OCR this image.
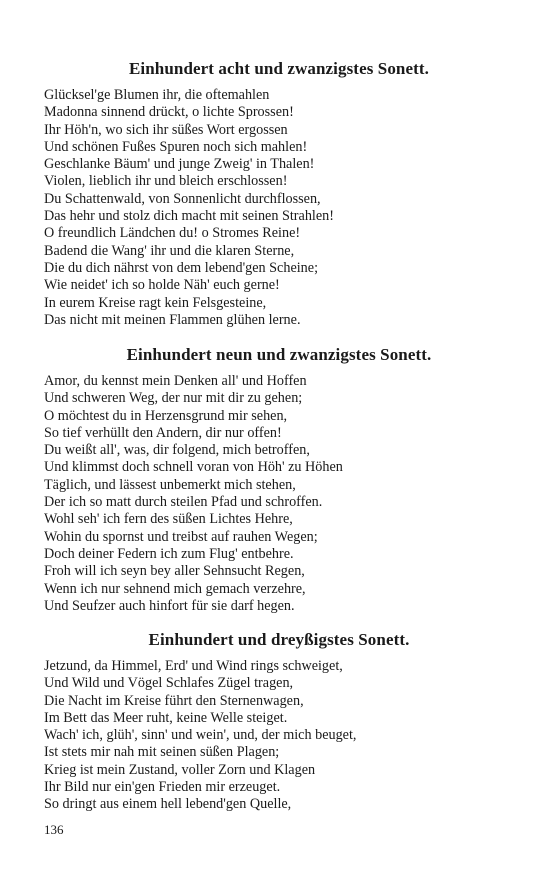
Einhundert acht und zwanzigstes Sonett.
Glücksel'ge Blumen ihr, die oftemahlen
Madonna sinnend drückt, o lichte Sprossen!
Ihr Höh'n, wo sich ihr süßes Wort ergossen
Und schönen Fußes Spuren noch sich mahlen!
Geschlanke Bäum' und junge Zweig' in Thalen!
Violen, lieblich ihr und bleich erschlossen!
Du Schattenwald, von Sonnenlicht durchflossen,
Das hehr und stolz dich macht mit seinen Strahlen!
O freundlich Ländchen du! o Stromes Reine!
Badend die Wang' ihr und die klaren Sterne,
Die du dich nährst von dem lebend'gen Scheine;
Wie neidet' ich so holde Näh' euch gerne!
In eurem Kreise ragt kein Felsgesteine,
Das nicht mit meinen Flammen glühen lerne.
Einhundert neun und zwanzigstes Sonett.
Amor, du kennst mein Denken all' und Hoffen
Und schweren Weg, der nur mit dir zu gehen;
O möchtest du in Herzensgrund mir sehen,
So tief verhüllt den Andern, dir nur offen!
Du weißt all', was, dir folgend, mich betroffen,
Und klimmst doch schnell voran von Höh' zu Höhen
Täglich, und lässest unbemerkt mich stehen,
Der ich so matt durch steilen Pfad und schroffen.
Wohl seh' ich fern des süßen Lichtes Hehre,
Wohin du spornst und treibst auf rauhen Wegen;
Doch deiner Federn ich zum Flug' entbehre.
Froh will ich seyn bey aller Sehnsucht Regen,
Wenn ich nur sehnend mich gemach verzehre,
Und Seufzer auch hinfort für sie darf hegen.
Einhundert und dreyßigstes Sonett.
Jetzund, da Himmel, Erd' und Wind rings schweiget,
Und Wild und Vögel Schlafes Zügel tragen,
Die Nacht im Kreise führt den Sternenwagen,
Im Bett das Meer ruht, keine Welle steiget.
Wach' ich, glüh', sinn' und wein', und, der mich beuget,
Ist stets mir nah mit seinen süßen Plagen;
Krieg ist mein Zustand, voller Zorn und Klagen
Ihr Bild nur ein'gen Frieden mir erzeuget.
So dringt aus einem hell lebend'gen Quelle,
136
